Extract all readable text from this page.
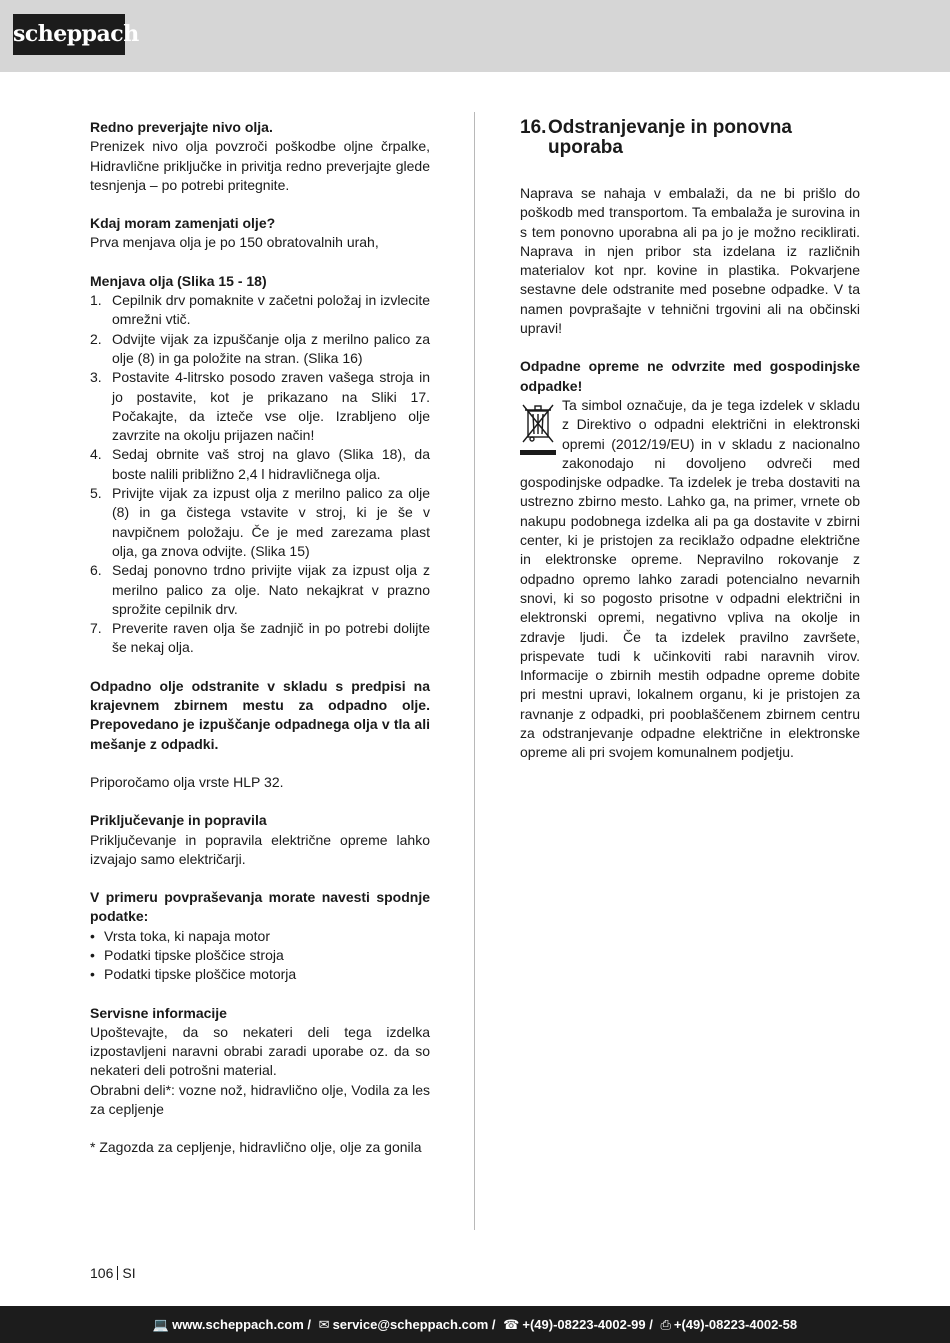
scheppach

Redno preverjajte nivo olja.

Prenizek nivo olja povzroči poškodbe oljne črpalke, Hidravlične priključke in privitja redno preverjajte glede tesnjenja – po potrebi pritegnite.

Kdaj moram zamenjati olje?

Prva menjava olja je po 150 obratovalnih urah,

Menjava olja (Slika 15 - 18)

1. Cepilnik drv pomaknite v začetni položaj in izvlecite omrežni vtič.
2. Odvijte vijak za izpuščanje olja z merilno palico za olje (8) in ga položite na stran. (Slika 16)
3. Postavite 4-litrsko posodo zraven vašega stroja in jo postavite, kot je prikazano na Sliki 17. Počakajte, da izteče vse olje. Izrabljeno olje zavrzite na okolju prijazen način!
4. Sedaj obrnite vaš stroj na glavo (Slika 18), da boste nalili približno 2,4 l hidravličnega olja.
5. Privijte vijak za izpust olja z merilno palico za olje (8) in ga čistega vstavite v stroj, ki je še v navpičnem položaju. Če je med zarezama plast olja, ga znova odvijte. (Slika 15)
6. Sedaj ponovno trdno privijte vijak za izpust olja z merilno palico za olje. Nato nekajkrat v prazno sprožite cepilnik drv.
7. Preverite raven olja še zadnjič in po potrebi dolijte še nekaj olja.

Odpadno olje odstranite v skladu s predpisi na krajevnem zbirnem mestu za odpadno olje. Prepovedano je izpuščanje odpadnega olja v tla ali mešanje z odpadki.

Priporočamo olja vrste HLP 32.

Priključevanje in popravila

Priključevanje in popravila električne opreme lahko izvajajo samo električarji.

V primeru povpraševanja morate navesti spodnje podatke:

• Vrsta toka, ki napaja motor
• Podatki tipske ploščice stroja
• Podatki tipske ploščice motorja

Servisne informacije

Upoštevajte, da so nekateri deli tega izdelka izpostavljeni naravni obrabi zaradi uporabe oz. da so nekateri deli potrošni material.

Obrabni deli*: vozne nož, hidravlično olje, Vodila za les za cepljenje

* Zagozda za cepljenje, hidravlično olje, olje za gonila

16. Odstranjevanje in ponovna uporaba

Naprava se nahaja v embalaži, da ne bi prišlo do poškodb med transportom. Ta embalaža je surovina in s tem ponovno uporabna ali pa jo je možno reciklirati. Naprava in njen pribor sta izdelana iz različnih materialov kot npr. kovine in plastika. Pokvarjene sestavne dele odstranite med posebne odpadke. V ta namen povprašajte v tehnični trgovini ali na občinski upravi!

Odpadne opreme ne odvrzite med gospodinjske odpadke!

Ta simbol označuje, da je tega izdelek v skladu z Direktivo o odpadni električni in elektronski opremi (2012/19/EU) in v skladu z nacionalno zakonodajo ni dovoljeno odvreči med gospodinjske odpadke. Ta izdelek je treba dostaviti na ustrezno zbirno mesto. Lahko ga, na primer, vrnete ob nakupu podobnega izdelka ali pa ga dostavite v zbirni center, ki je pristojen za reciklažo odpadne električne in elektronske opreme. Nepravilno rokovanje z odpadno opremo lahko zaradi potencialno nevarnih snovi, ki so pogosto prisotne v odpadni električni in elektronski opremi, negativno vpliva na okolje in zdravje ljudi. Če ta izdelek pravilno završete, prispevate tudi k učinkoviti rabi naravnih virov. Informacije o zbirnih mestih odpadne opreme dobite pri mestni upravi, lokalnem organu, ki je pristojen za ravnanje z odpadki, pri pooblaščenem zbirnem centru za odstranjevanje odpadne električne in elektronske opreme ali pri svojem komunalnem podjetju.

106 SI
💻 www.scheppach.com / ✉ service@scheppach.com / ☎ +(49)-08223-4002-99 / ⎙ +(49)-08223-4002-58
